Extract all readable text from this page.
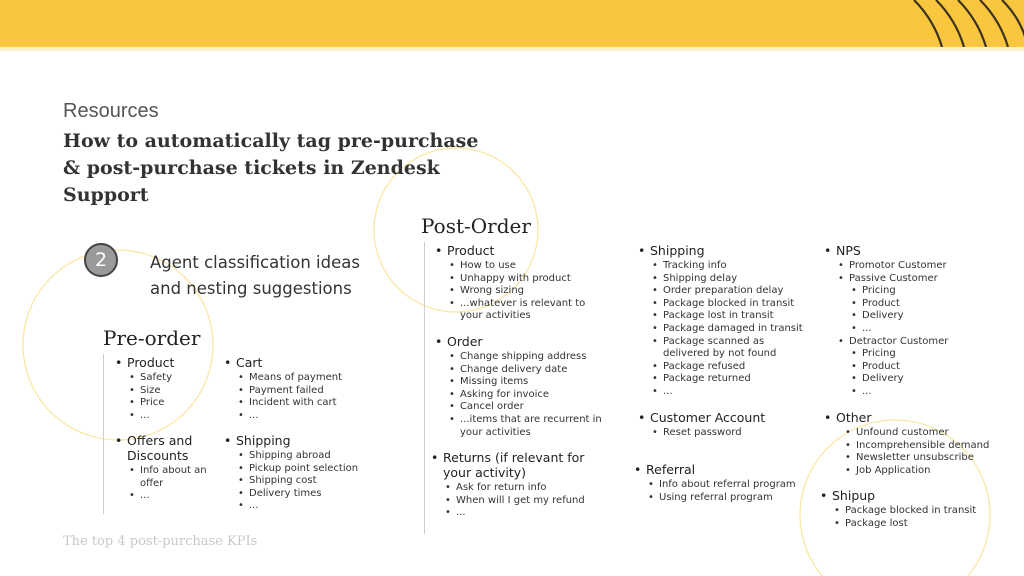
Resources
How to automatically tag pre-purchase & post-purchase tickets in Zendesk Support
2	Agent classification ideas and nesting suggestions
Pre-order
Post-Order
• Product
• Safety
• Size
• Price
• ...
• Cart
• Means of payment
• Payment failed
• Incident with cart
• ...
• Offers and Discounts
• Info about an offer
• ...
• Shipping
• Shipping abroad
• Pickup point selection
• Shipping cost
• Delivery times
• ...
• Product
• How to use
• Unhappy with product
• Wrong sizing
• ...whatever is relevant to your activities
• Order
• Change shipping address
• Change delivery date
• Missing items
• Asking for invoice
• Cancel order
• ...items that are recurrent in your activities
• Returns (if relevant for your activity)
• Ask for return info
• When will I get my refund
• ...
• Shipping
• Tracking info
• Shipping delay
• Order preparation delay
• Package blocked in transit
• Package lost in transit
• Package damaged in transit
• Package scanned as delivered by not found
• Package refused
• Package returned
• ...
• Customer Account
• Reset password
• Referral
• Info about referral program
• Using referral program
• NPS
• Promotor Customer
• Passive Customer
• Pricing
• Product
• Delivery
• ...
• Detractor Customer
• Pricing
• Product
• Delivery
• ...
• Other
• Unfound customer
• Incomprehensible demand
• Newsletter unsubscribe
• Job Application
• Shipup
• Package blocked in transit
• Package lost
The top 4 post-purchase KPIs
